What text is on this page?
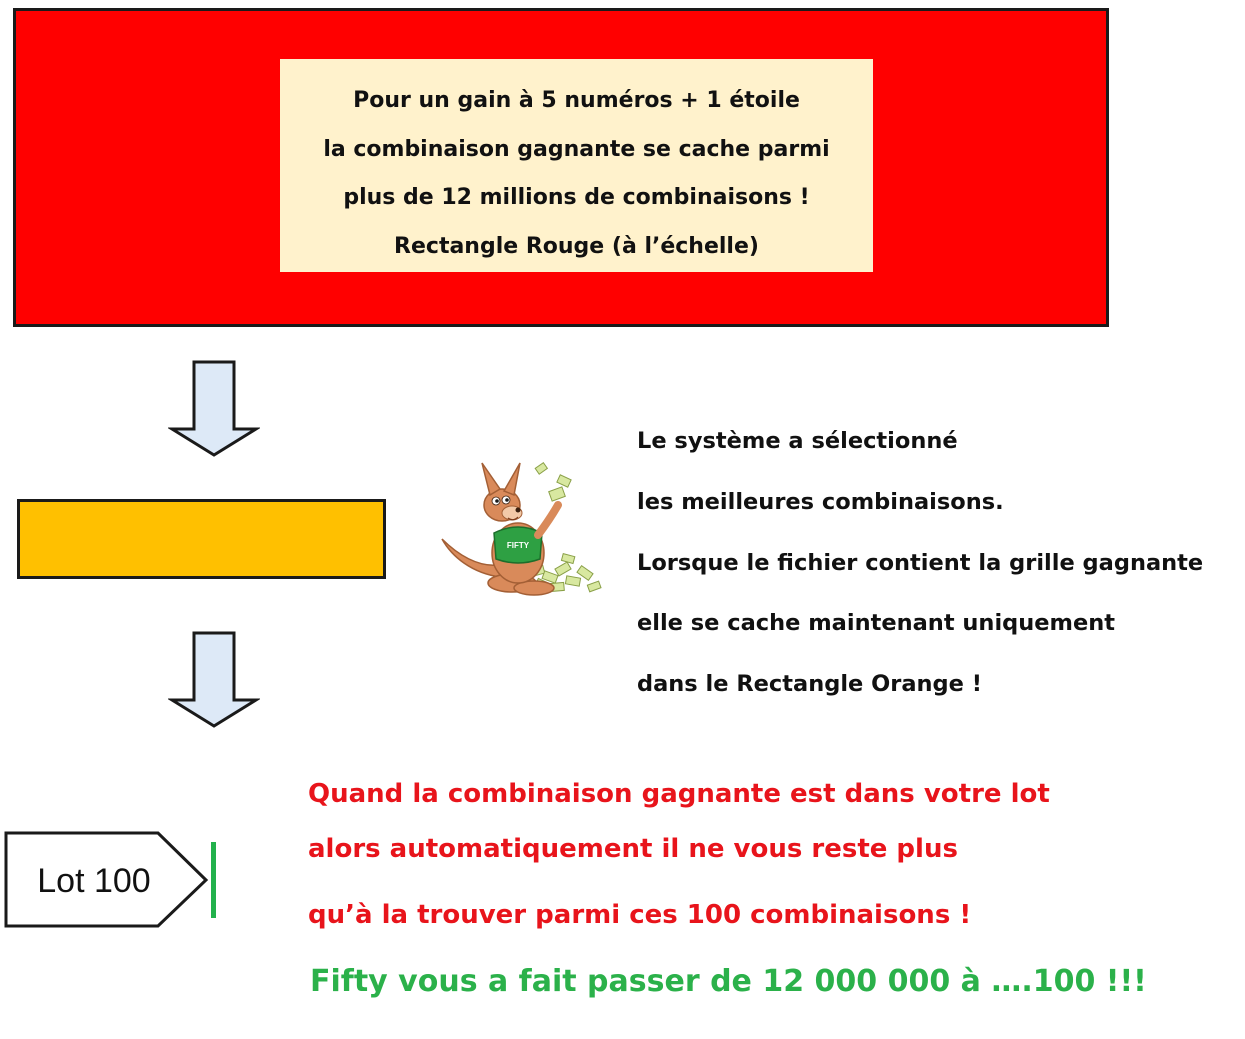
Pour un gain à 5 numéros + 1 étoile
la combinaison gagnante se cache parmi
plus de 12 millions de combinaisons !
Rectangle Rouge (à l’échelle)
FIFTY
Le système a sélectionné
les meilleures combinaisons.
Lorsque le fichier contient la grille gagnante
elle se cache maintenant uniquement
dans le Rectangle Orange !
Lot 100
Quand la combinaison gagnante est dans votre lot
alors automatiquement il ne vous reste plus
qu’à la trouver parmi ces 100 combinaisons !
Fifty vous a fait passer de 12 000 000 à ….100 !!!
